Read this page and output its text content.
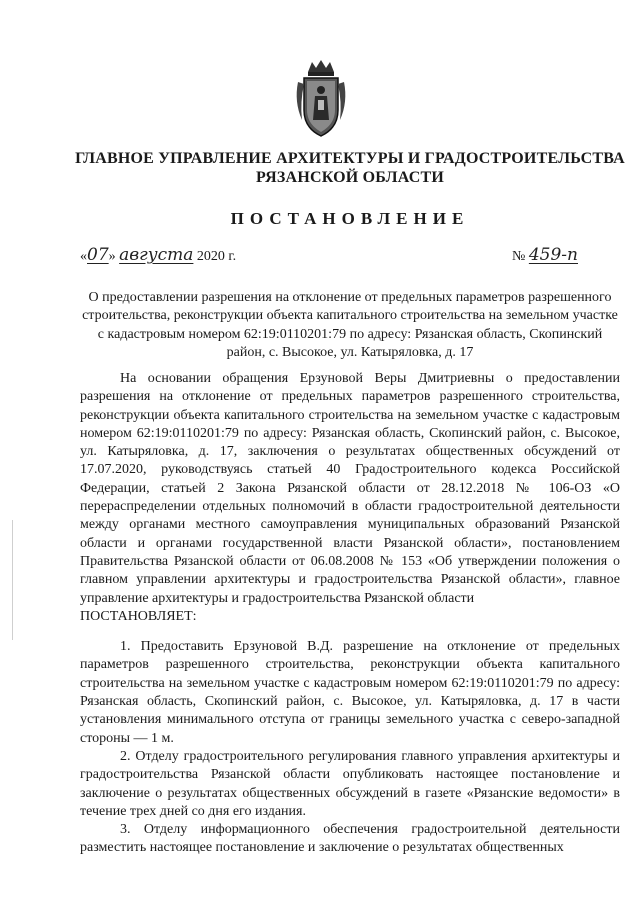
ГЛАВНОЕ УПРАВЛЕНИЕ АРХИТЕКТУРЫ И ГРАДОСТРОИТЕЛЬСТВА
РЯЗАНСКОЙ ОБЛАСТИ
ПОСТАНОВЛЕНИЕ
«07» августа 2020 г.	№ 459-п
О предоставлении разрешения на отклонение от предельных параметров разрешенного строительства, реконструкции объекта капитального строительства на земельном участке с кадастровым номером 62:19:0110201:79 по адресу: Рязанская область, Скопинский район, с. Высокое, ул. Катыряловка, д. 17

На основании обращения Ерзуновой Веры Дмитриевны о предоставлении разрешения на отклонение от предельных параметров разрешенного строительства, реконструкции объекта капитального строительства на земельном участке с кадастровым номером 62:19:0110201:79 по адресу: Рязанская область, Скопинский район, с. Высокое, ул. Катыряловка, д. 17, заключения о результатах общественных обсуждений от 17.07.2020, руководствуясь статьей 40 Градостроительного кодекса Российской Федерации, статьей 2 Закона Рязанской области от 28.12.2018 № 106-ОЗ «О перераспределении отдельных полномочий в области градостроительной деятельности между органами местного самоуправления муниципальных образований Рязанской области и органами государственной власти Рязанской области», постановлением Правительства Рязанской области от 06.08.2008 № 153 «Об утверждении положения о главном управлении архитектуры и градостроительства Рязанской области», главное управление архитектуры и градостроительства Рязанской области

ПОСТАНОВЛЯЕТ:

1. Предоставить Ерзуновой В.Д. разрешение на отклонение от предельных параметров разрешенного строительства, реконструкции объекта капитального строительства на земельном участке с кадастровым номером 62:19:0110201:79 по адресу: Рязанская область, Скопинский район, с. Высокое, ул. Катыряловка, д. 17 в части установления минимального отступа от границы земельного участка с северо-западной стороны — 1 м.

2. Отделу градостроительного регулирования главного управления архитектуры и градостроительства Рязанской области опубликовать настоящее постановление и заключение о результатах общественных обсуждений в газете «Рязанские ведомости» в течение трех дней со дня его издания.

3. Отделу информационного обеспечения градостроительной деятельности разместить настоящее постановление и заключение о результатах общественных
